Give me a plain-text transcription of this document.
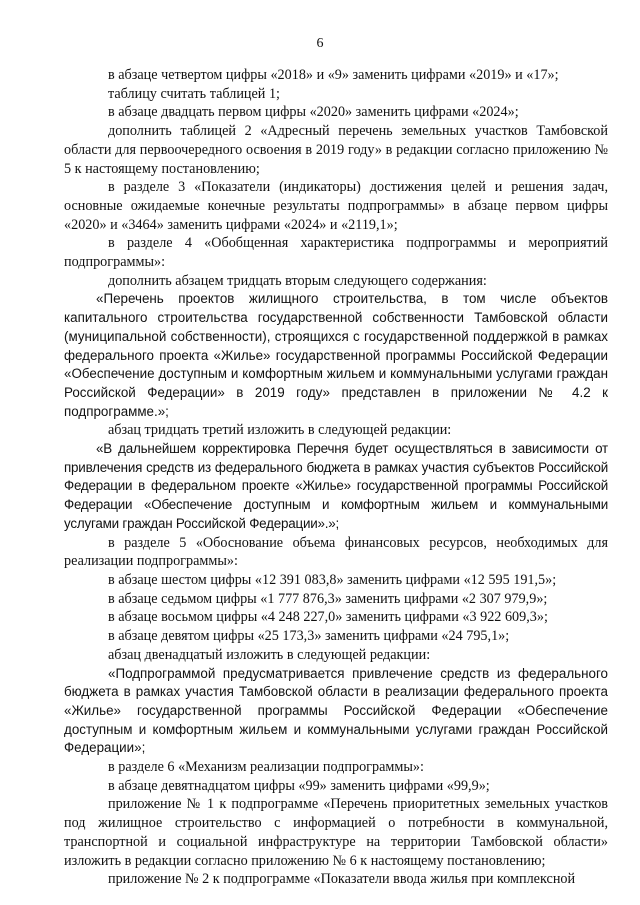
6

в абзаце четвертом цифры «2018» и «9» заменить цифрами «2019» и «17»;

таблицу считать таблицей 1;

в абзаце двадцать первом цифры «2020» заменить цифрами «2024»;

дополнить таблицей 2 «Адресный перечень земельных участков Тамбовской области для первоочередного освоения в 2019 году» в редакции согласно приложению № 5 к настоящему постановлению;

в разделе 3 «Показатели (индикаторы) достижения целей и решения задач, основные ожидаемые конечные результаты подпрограммы» в абзаце первом цифры «2020» и «3464» заменить цифрами «2024» и «2119,1»;

в разделе 4 «Обобщенная характеристика подпрограммы и мероприятий подпрограммы»:

дополнить абзацем тридцать вторым следующего содержания:

«Перечень проектов жилищного строительства, в том числе объектов капитального строительства государственной собственности Тамбовской области (муниципальной собственности), строящихся с государственной поддержкой в рамках федерального проекта «Жилье» государственной программы Российской Федерации «Обеспечение доступным и комфортным жильем и коммунальными услугами граждан Российской Федерации» в 2019 году» представлен в приложении № 4.2 к подпрограмме.»;

абзац тридцать третий изложить в следующей редакции:

«В дальнейшем корректировка Перечня будет осуществляться в зависимости от привлечения средств из федерального бюджета в рамках участия субъектов Российской Федерации в федеральном проекте «Жилье» государственной программы Российской Федерации «Обеспечение доступным и комфортным жильем и коммунальными услугами граждан Российской Федерации».»;

в разделе 5 «Обоснование объема финансовых ресурсов, необходимых для реализации подпрограммы»:

в абзаце шестом цифры «12 391 083,8» заменить цифрами «12 595 191,5»;

в абзаце седьмом цифры «1 777 876,3» заменить цифрами «2 307 979,9»;

в абзаце восьмом цифры «4 248 227,0» заменить цифрами «3 922 609,3»;

в абзаце девятом цифры «25 173,3» заменить цифрами «24 795,1»;

абзац двенадцатый изложить в следующей редакции:

«Подпрограммой предусматривается привлечение средств из федерального бюджета в рамках участия Тамбовской области в реализации федерального проекта «Жилье» государственной программы Российской Федерации «Обеспечение доступным и комфортным жильем и коммунальными услугами граждан Российской Федерации»;

в разделе 6 «Механизм реализации подпрограммы»:

в абзаце девятнадцатом цифры «99» заменить цифрами «99,9»;

приложение № 1 к подпрограмме «Перечень приоритетных земельных участков под жилищное строительство с информацией о потребности в коммунальной, транспортной и социальной инфраструктуре на территории Тамбовской области» изложить в редакции согласно приложению № 6 к настоящему постановлению;

приложение № 2 к подпрограмме «Показатели ввода жилья при комплексной
